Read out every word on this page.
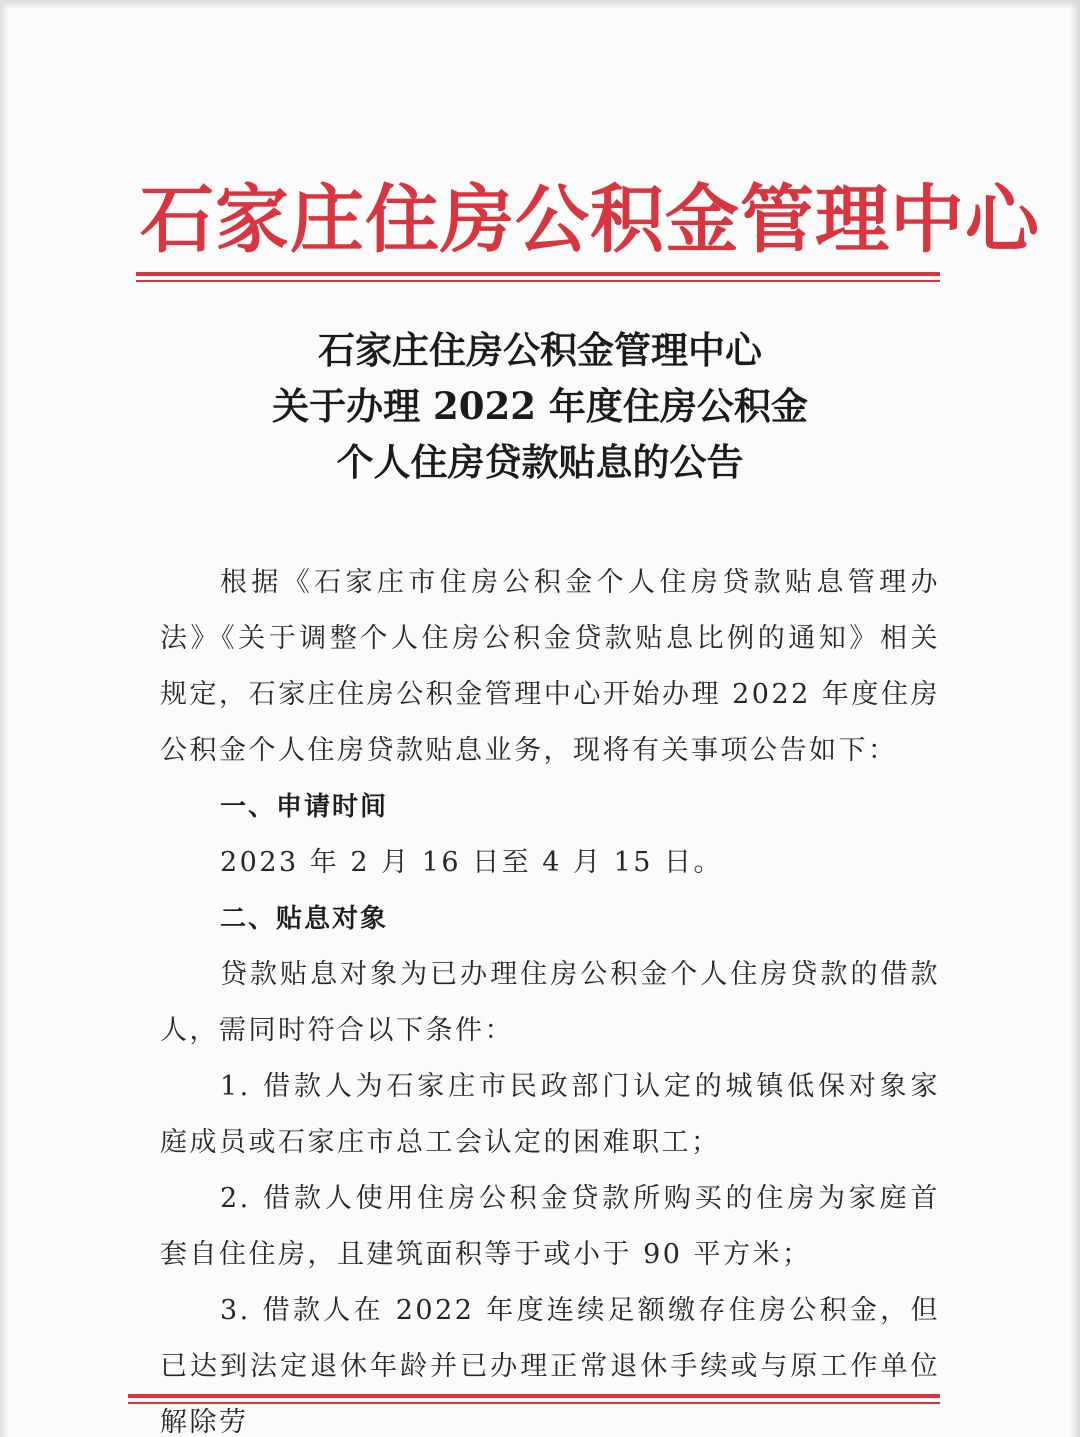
石家庄住房公积金管理中心
石家庄住房公积金管理中心
关于办理 2022 年度住房公积金
个人住房贷款贴息的公告

根据《石家庄市住房公积金个人住房贷款贴息管理办法》《关于调整个人住房公积金贷款贴息比例的通知》相关规定，石家庄住房公积金管理中心开始办理 2022 年度住房公积金个人住房贷款贴息业务，现将有关事项公告如下：

一、申请时间

2023 年 2 月 16 日至 4 月 15 日。

二、贴息对象

贷款贴息对象为已办理住房公积金个人住房贷款的借款人，需同时符合以下条件：

1. 借款人为石家庄市民政部门认定的城镇低保对象家庭成员或石家庄市总工会认定的困难职工；

2. 借款人使用住房公积金贷款所购买的住房为家庭首套自住住房，且建筑面积等于或小于 90 平方米；

3. 借款人在 2022 年度连续足额缴存住房公积金，但已达到法定退休年龄并已办理正常退休手续或与原工作单位解除劳
